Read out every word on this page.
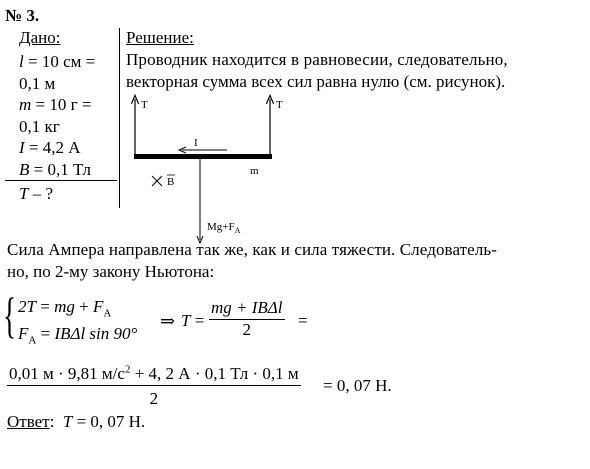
№ 3.
Дано:
l = 10 см =
0,1 м
m = 10 г =
0,1 кг
I = 4,2 А
B = 0,1 Тл
T – ?
Решение:
Проводник находится в равновесии, следовательно,
векторная сумма всех сил равна нулю (см. рисунок).
B
T	T
I
m
$Mg+F_A$
Сила Ампера направлена так же, как и сила тяжести. Следователь-
но, по 2-му закону Ньютона:
{ 2T = mg + $F_A$
$F_A = IB\Delta l$ sin 90°
⇒ T =
mg + IBΔl
2	=
0,01 м · 9,81 $м/с^2 + 4$, 2 А · 0,1 Тл · 0,1 м
2
= 0, 07 Н.
Ответ: T = 0, 07 Н.
